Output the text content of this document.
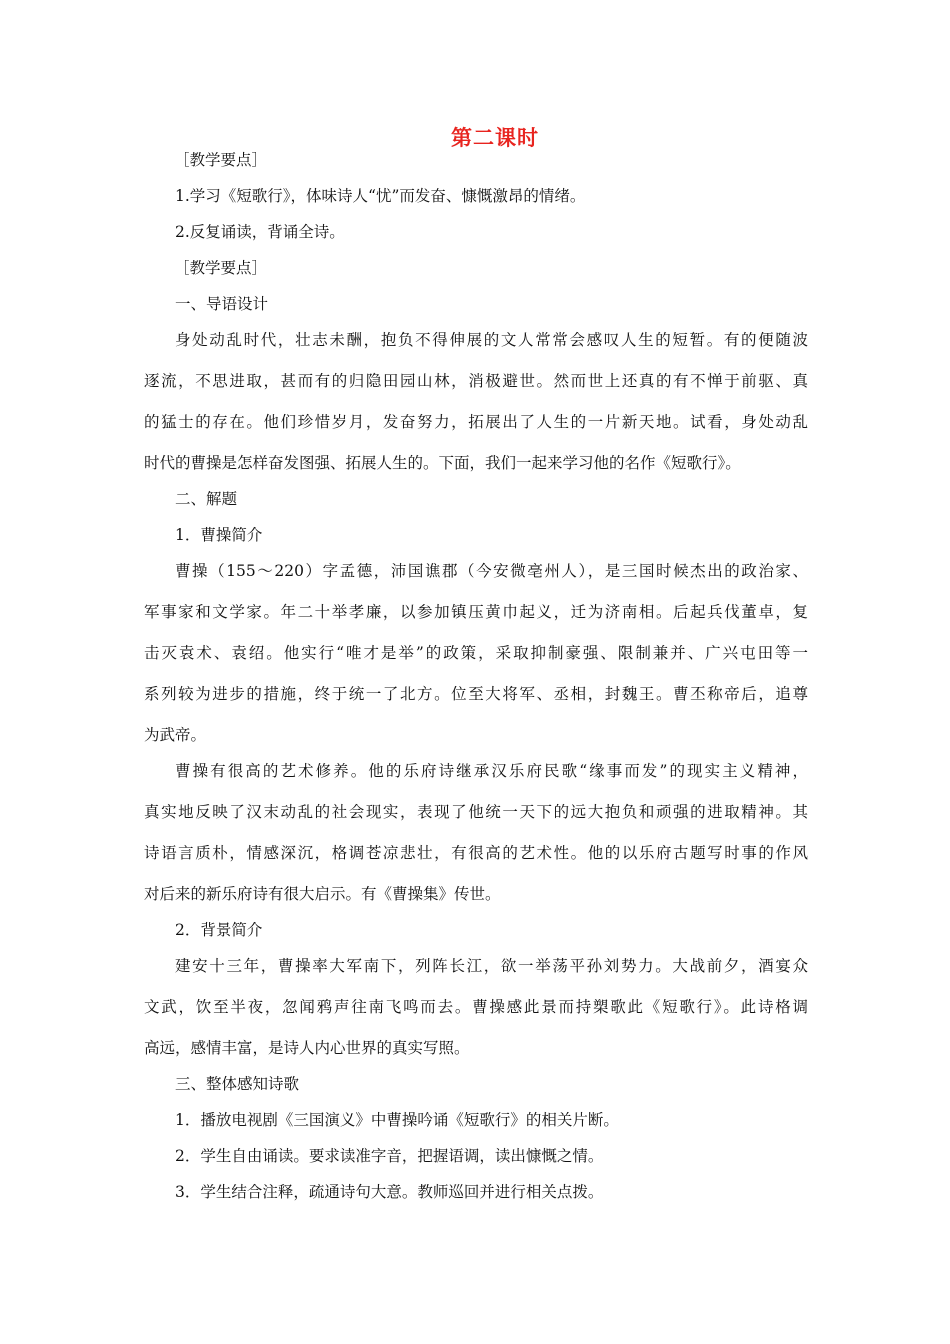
第二课时

［教学要点］

1.学习《短歌行》，体味诗人“忧”而发奋、慷慨激昂的情绪。

2.反复诵读，背诵全诗。

［教学要点］

一、导语设计

身处动乱时代，壮志未酬，抱负不得伸展的文人常常会感叹人生的短暂。有的便随波
逐流，不思进取，甚而有的归隐田园山林，消极避世。然而世上还真的有不惮于前驱、真
的猛士的存在。他们珍惜岁月，发奋努力，拓展出了人生的一片新天地。试看，身处动乱
时代的曹操是怎样奋发图强、拓展人生的。下面，我们一起来学习他的名作《短歌行》。

二、解题

1．曹操简介

曹操（155～220）字孟德，沛国谯郡（今安微亳州人），是三国时候杰出的政治家、
军事家和文学家。年二十举孝廉，以参加镇压黄巾起义，迁为济南相。后起兵伐董卓，复
击灭袁术、袁绍。他实行“唯才是举”的政策，采取抑制豪强、限制兼并、广兴屯田等一
系列较为进步的措施，终于统一了北方。位至大将军、丞相，封魏王。曹丕称帝后，追尊
为武帝。
曹操有很高的艺术修养。他的乐府诗继承汉乐府民歌“缘事而发”的现实主义精神，
真实地反映了汉末动乱的社会现实，表现了他统一天下的远大抱负和顽强的进取精神。其
诗语言质朴，情感深沉，格调苍凉悲壮，有很高的艺术性。他的以乐府古题写时事的作风
对后来的新乐府诗有很大启示。有《曹操集》传世。

2．背景简介

建安十三年，曹操率大军南下，列阵长江，欲一举荡平孙刘势力。大战前夕，酒宴众
文武，饮至半夜，忽闻鸦声往南飞鸣而去。曹操感此景而持槊歌此《短歌行》。此诗格调
高远，感情丰富，是诗人内心世界的真实写照。

三、整体感知诗歌

1．播放电视剧《三国演义》中曹操吟诵《短歌行》的相关片断。

2．学生自由诵读。要求读准字音，把握语调，读出慷慨之情。

3．学生结合注释，疏通诗句大意。教师巡回并进行相关点拨。
